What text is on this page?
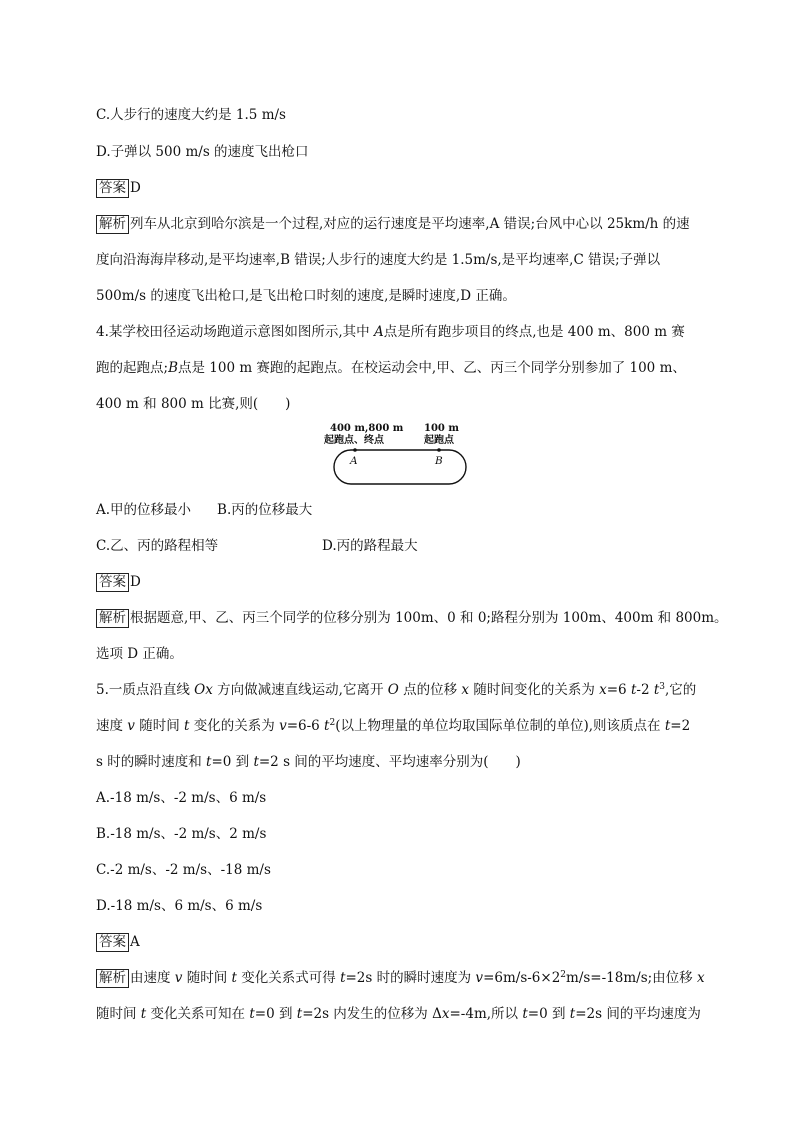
C.人步行的速度大约是 1.5 m/s
D.子弹以 500 m/s 的速度飞出枪口
答案 D
解析 列车从北京到哈尔滨是一个过程,对应的运行速度是平均速率,A 错误;台风中心以 25km/h 的速
度向沿海海岸移动,是平均速率,B 错误;人步行的速度大约是 1.5m/s,是平均速率,C 错误;子弹以
500m/s 的速度飞出枪口,是飞出枪口时刻的速度,是瞬时速度,D 正确。
4.某学校田径运动场跑道示意图如图所示,其中 A点是所有跑步项目的终点,也是 400 m、800 m 赛
跑的起跑点;B点是 100 m 赛跑的起跑点。在校运动会中,甲、乙、丙三个同学分别参加了 100 m、
400 m 和 800 m 比赛,则(　　)
400 m,800 m
起跑点、终点
100 m
起跑点
A	B
A.甲的位移最小 B.丙的位移最大
C.乙、丙的路程相等	D.丙的路程最大
答案 D
解析 根据题意,甲、乙、丙三个同学的位移分别为 100m、0 和 0;路程分别为 100m、400m 和 800m。
选项 D 正确。
5.一质点沿直线 Ox 方向做减速直线运动,它离开 O 点的位移 x 随时间变化的关系为 x=6 t-2 $t^3$,它的
速度 v 随时间 t 变化的关系为 v=6-6 $t^2$(以上物理量的单位均取国际单位制的单位),则该质点在 t=2
s 时的瞬时速度和 t=0 到 t=2 s 间的平均速度、平均速率分别为(　　)
A.-18 m/s、-2 m/s、6 m/s
B.-18 m/s、-2 m/s、2 m/s
C.-2 m/s、-2 m/s、-18 m/s
D.-18 m/s、6 m/s、6 m/s
答案 A
解析 由速度 v 随时间 t 变化关系式可得 t=2s 时的瞬时速度为 $v=6m/s-6\times 2^2m/s=-18m/s$;由位移 x
随时间 t 变化关系可知在 t=0 到 t=2s 内发生的位移为 Δx=-4m,所以 t=0 到 t=2s 间的平均速度为
